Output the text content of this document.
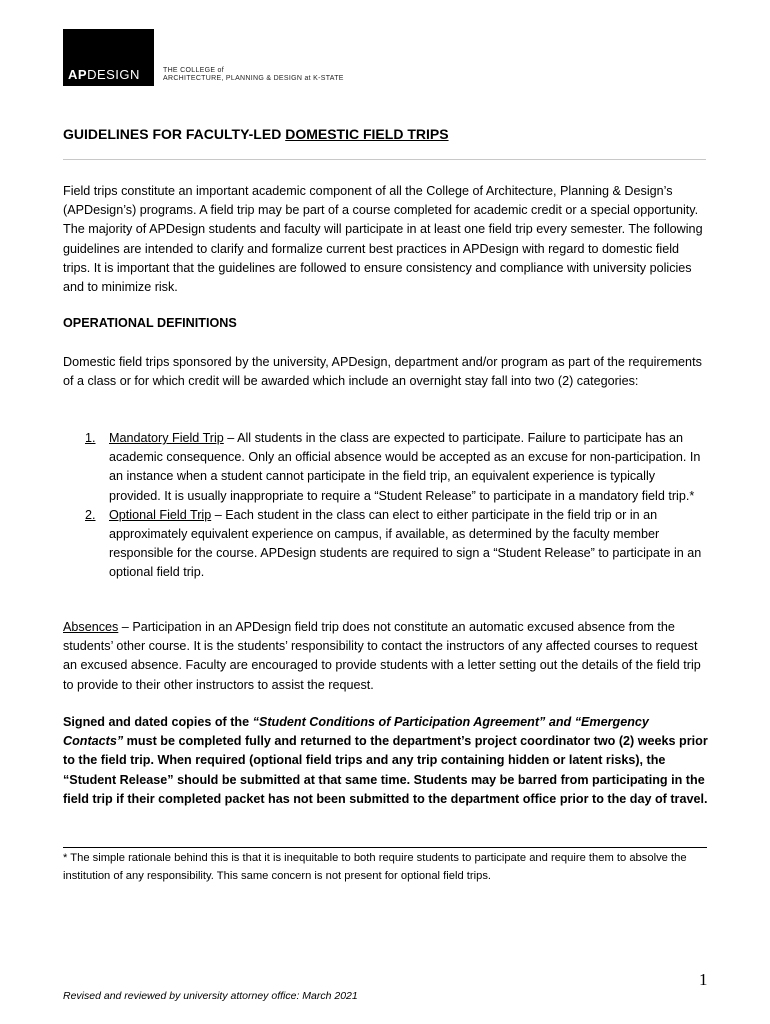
APDESIGN	THE COLLEGE of
ARCHITECTURE, PLANNING & DESIGN at K-STATE
GUIDELINES FOR FACULTY-LED DOMESTIC FIELD TRIPS
Field trips constitute an important academic component of all the College of Architecture, Planning & Design’s (APDesign’s) programs. A field trip may be part of a course completed for academic credit or a special opportunity. The majority of APDesign students and faculty will participate in at least one field trip every semester. The following guidelines are intended to clarify and formalize current best practices in APDesign with regard to domestic field trips. It is important that the guidelines are followed to ensure consistency and compliance with university policies and to minimize risk.
OPERATIONAL DEFINITIONS
Domestic field trips sponsored by the university, APDesign, department and/or program as part of the requirements of a class or for which credit will be awarded which include an overnight stay fall into two (2) categories:
1. Mandatory Field Trip – All students in the class are expected to participate. Failure to participate has an academic consequence. Only an official absence would be accepted as an excuse for non-participation. In an instance when a student cannot participate in the field trip, an equivalent experience is typically provided. It is usually inappropriate to require a “Student Release” to participate in a mandatory field trip.*
2. Optional Field Trip – Each student in the class can elect to either participate in the field trip or in an approximately equivalent experience on campus, if available, as determined by the faculty member responsible for the course. APDesign students are required to sign a “Student Release” to participate in an optional field trip.
Absences – Participation in an APDesign field trip does not constitute an automatic excused absence from the students’ other course. It is the students’ responsibility to contact the instructors of any affected courses to request an excused absence. Faculty are encouraged to provide students with a letter setting out the details of the field trip to provide to their other instructors to assist the request.
Signed and dated copies of the “Student Conditions of Participation Agreement” and “Emergency Contacts” must be completed fully and returned to the department’s project coordinator two (2) weeks prior to the field trip. When required (optional field trips and any trip containing hidden or latent risks), the “Student Release” should be submitted at that same time. Students may be barred from participating in the field trip if their completed packet has not been submitted to the department office prior to the day of travel.
* The simple rationale behind this is that it is inequitable to both require students to participate and require them to absolve the institution of any responsibility. This same concern is not present for optional field trips.
1
Revised and reviewed by university attorney office: March 2021
